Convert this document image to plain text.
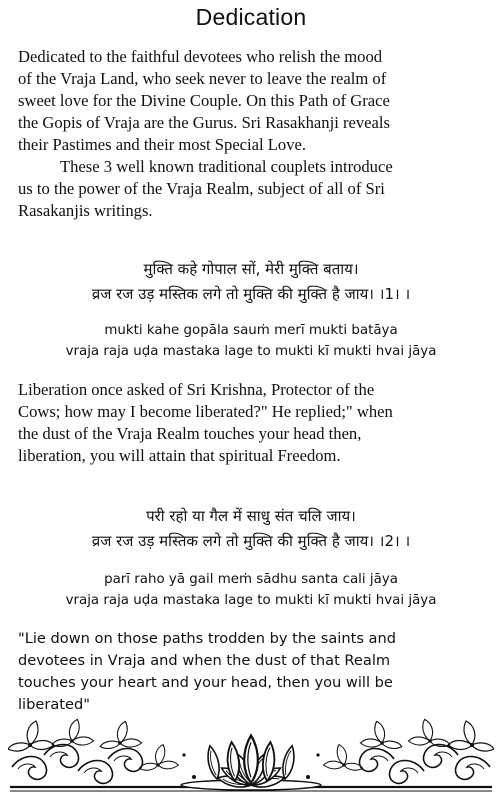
Dedication
Dedicated to the faithful devotees who relish the mood
of the Vraja Land, who seek never to leave the realm of
sweet love for the Divine Couple. On this Path of Grace
the Gopis of Vraja are the Gurus. Sri Rasakhanji reveals
their Pastimes and their most Special Love.
These 3 well known traditional couplets introduce
us to the power of the Vraja Realm, subject of all of Sri
Rasakanjis writings.
मुक्ति कहे गोपाल सों, मेरी मुक्ति बताय।
व्रज रज उड़ मस्तिक लगे तो मुक्ति की मुक्ति है जाय। ।1। ।
mukti kahe gopāla sauṁ merī mukti batāya
vraja raja uḍa mastaka lage to mukti kī mukti hvai jāya
Liberation once asked of Sri Krishna, Protector of the
Cows; how may I become liberated?" He replied;" when
the dust of the Vraja Realm touches your head then,
liberation, you will attain that spiritual Freedom.
परी रहो या गैल में साधु संत चलि जाय।
व्रज रज उड़ मस्तिक लगे तो मुक्ति की मुक्ति है जाय। ।2। ।
parī raho yā gail meṁ sādhu santa cali jāya
vraja raja uḍa mastaka lage to mukti kī mukti hvai jāya
"Lie down on those paths trodden by the saints and
devotees in Vraja and when the dust of that Realm
touches your heart and your head, then you will be
liberated"
